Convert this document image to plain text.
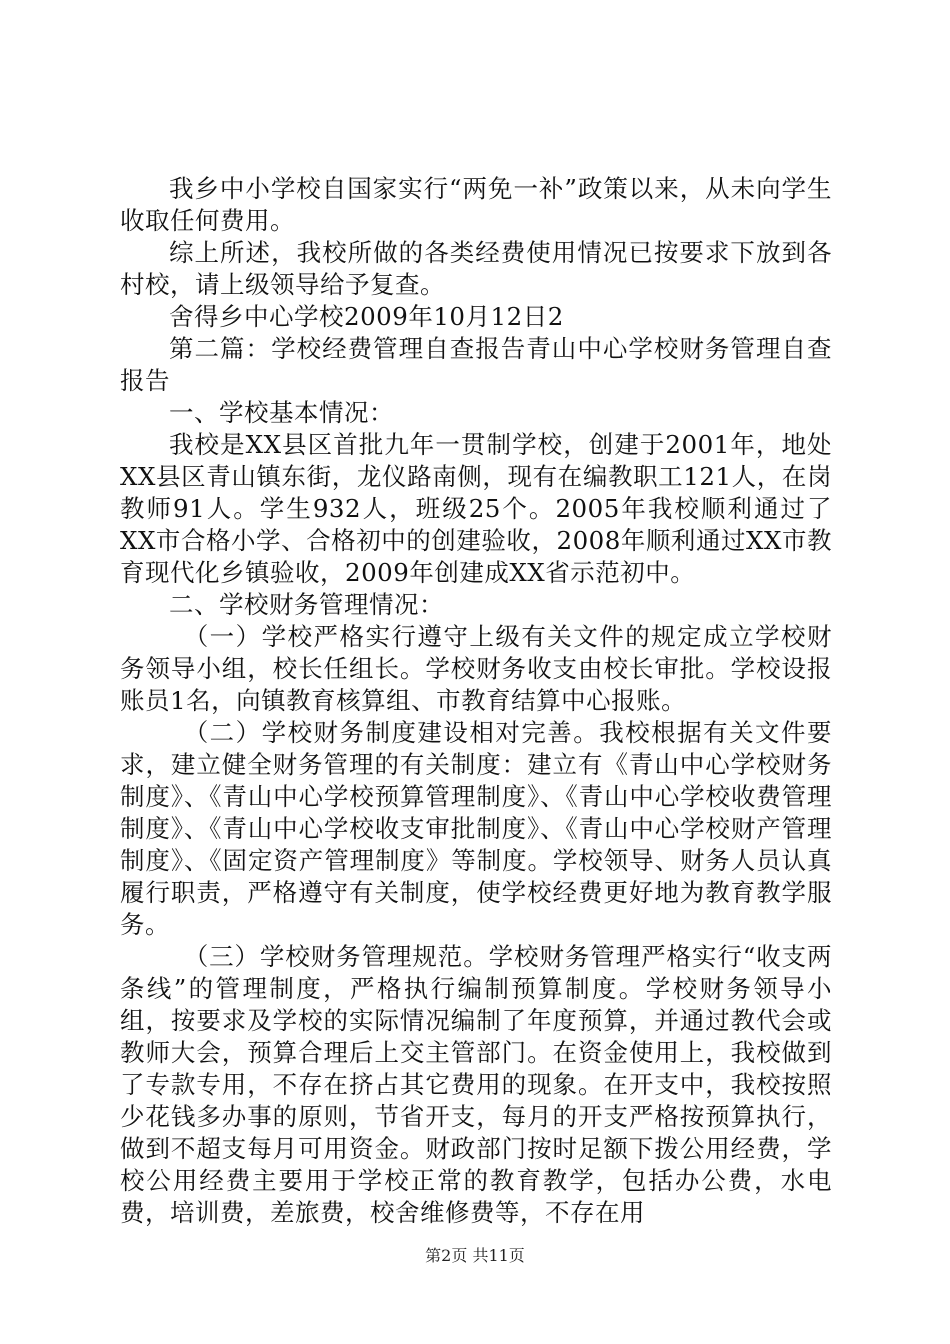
我乡中小学校自国家实行“两免一补”政策以来，从未向学生收取任何费用。

综上所述，我校所做的各类经费使用情况已按要求下放到各村校，请上级领导给予复查。

舍得乡中心学校2009年10月12日2

第二篇：学校经费管理自查报告青山中心学校财务管理自查报告

一、学校基本情况：

我校是XX县区首批九年一贯制学校，创建于2001年，地处XX县区青山镇东街，龙仪路南侧，现有在编教职工121人，在岗教师91人。学生932人，班级25个。2005年我校顺利通过了XX市合格小学、合格初中的创建验收，2008年顺利通过XX市教育现代化乡镇验收，2009年创建成XX省示范初中。

二、学校财务管理情况：

（一）学校严格实行遵守上级有关文件的规定成立学校财务领导小组，校长任组长。学校财务收支由校长审批。学校设报账员1名，向镇教育核算组、市教育结算中心报账。

（二）学校财务制度建设相对完善。我校根据有关文件要求，建立健全财务管理的有关制度：建立有《青山中心学校财务制度》、《青山中心学校预算管理制度》、《青山中心学校收费管理制度》、《青山中心学校收支审批制度》、《青山中心学校财产管理制度》、《固定资产管理制度》等制度。学校领导、财务人员认真履行职责，严格遵守有关制度，使学校经费更好地为教育教学服务。

（三）学校财务管理规范。学校财务管理严格实行“收支两条线”的管理制度，严格执行编制预算制度。学校财务领导小组，按要求及学校的实际情况编制了年度预算，并通过教代会或教师大会，预算合理后上交主管部门。在资金使用上，我校做到了专款专用，不存在挤占其它费用的现象。在开支中，我校按照少花钱多办事的原则，节省开支，每月的开支严格按预算执行，做到不超支每月可用资金。财政部门按时足额下拨公用经费，学校公用经费主要用于学校正常的教育教学，包括办公费，水电费，培训费，差旅费，校舍维修费等，不存在用

第2页 共11页
